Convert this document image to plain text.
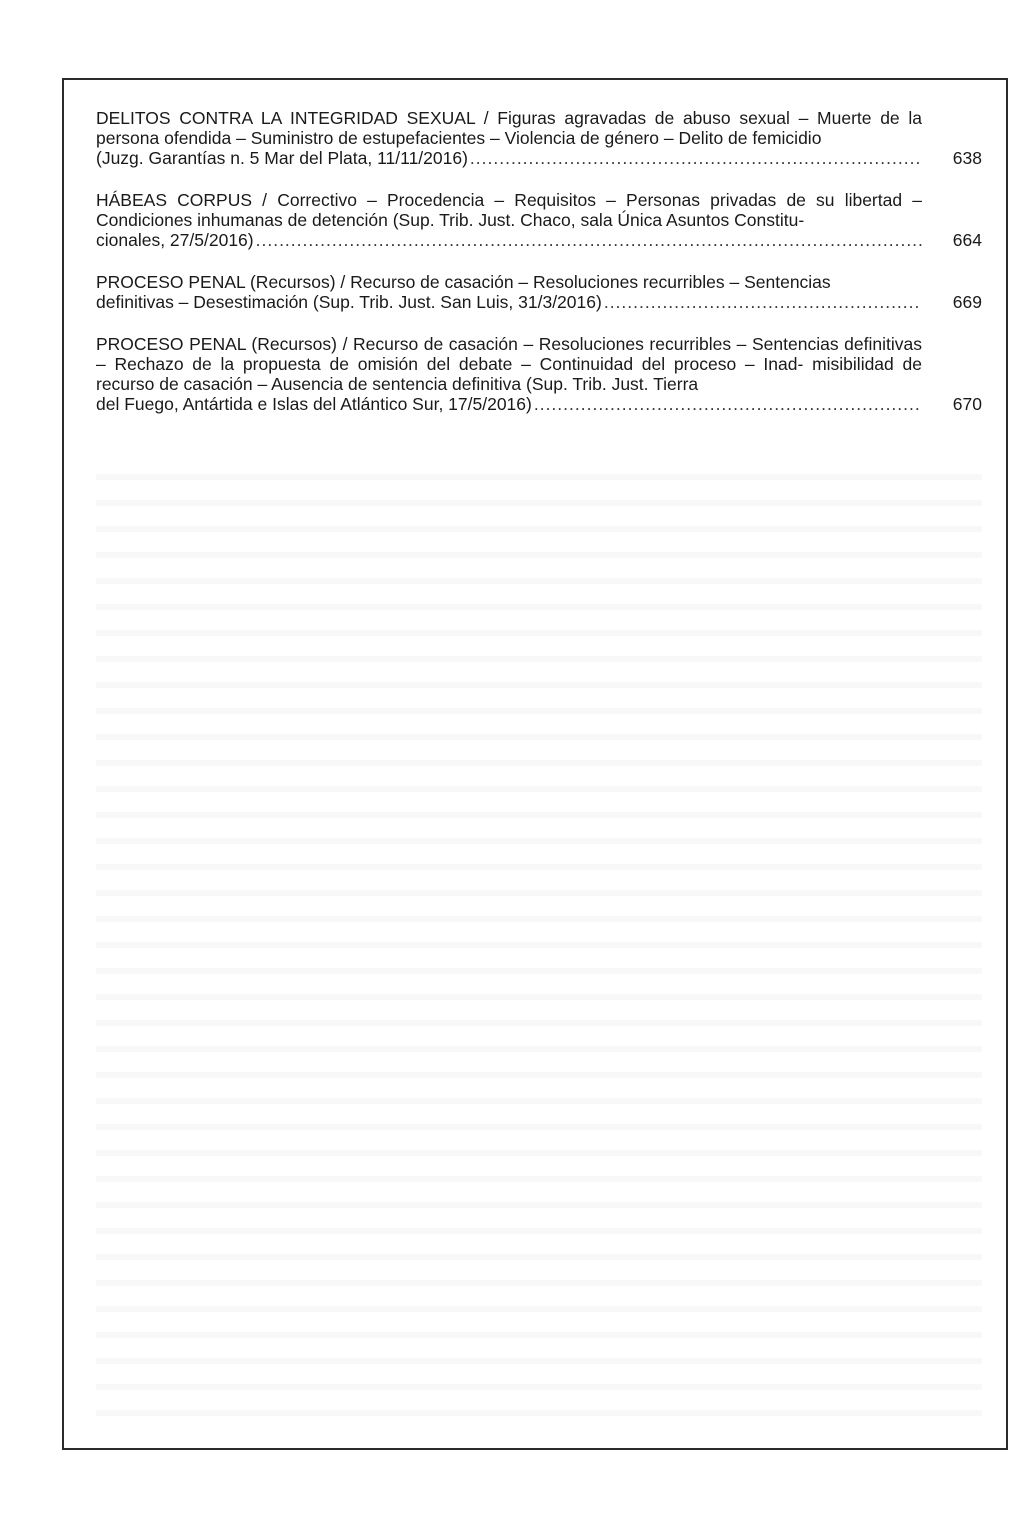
DELITOS CONTRA LA INTEGRIDAD SEXUAL / Figuras agravadas de abuso sexual – Muerte de la persona ofendida – Suministro de estupefacientes – Violencia de género – Delito de femicidio
(Juzg. Garantías n. 5 Mar del Plata, 11/11/2016) .....	638
HÁBEAS CORPUS / Correctivo – Procedencia – Requisitos – Personas privadas de su libertad – Condiciones inhumanas de detención (Sup. Trib. Just. Chaco, sala Única Asuntos Constitu-
cionales, 27/5/2016) .....	664
PROCESO PENAL (Recursos) / Recurso de casación – Resoluciones recurribles – Sentencias
definitivas – Desestimación (Sup. Trib. Just. San Luis, 31/3/2016) .....	669
PROCESO PENAL (Recursos) / Recurso de casación – Resoluciones recurribles – Sentencias definitivas – Rechazo de la propuesta de omisión del debate – Continuidad del proceso – Inad- misibilidad de recurso de casación – Ausencia de sentencia definitiva (Sup. Trib. Just. Tierra
del Fuego, Antártida e Islas del Atlántico Sur, 17/5/2016) .....	670
